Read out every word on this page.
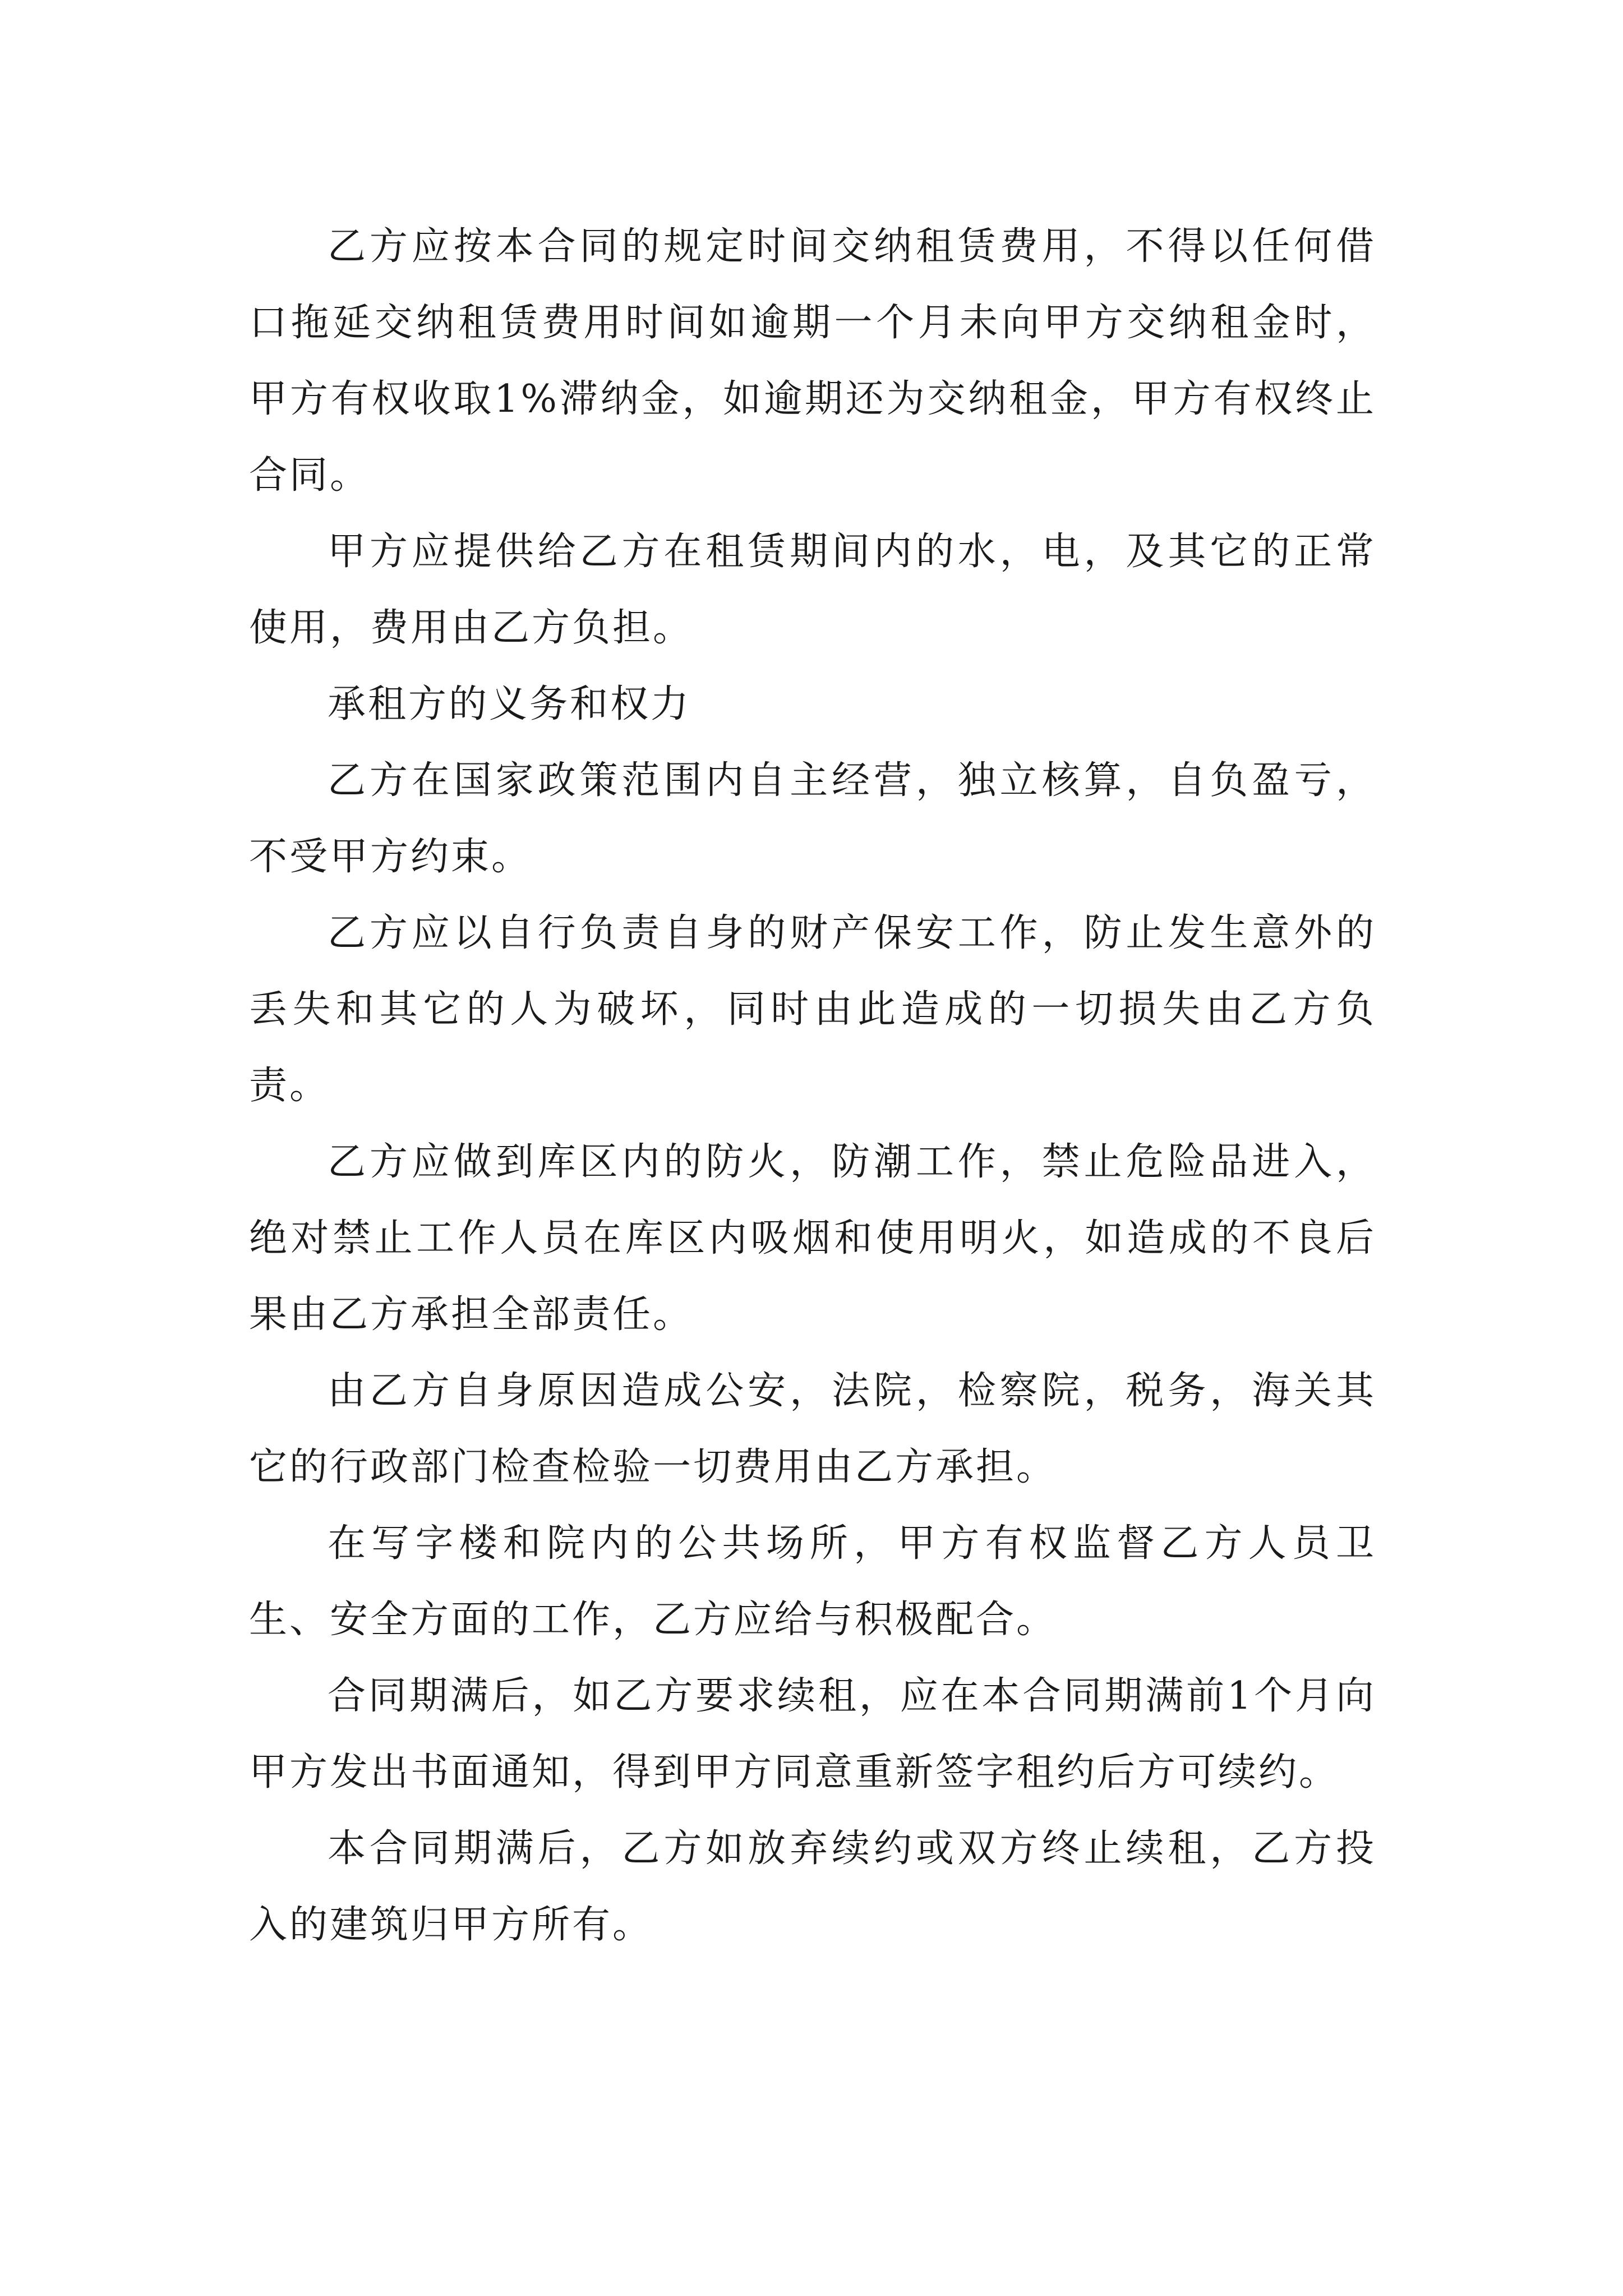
乙方应按本合同的规定时间交纳租赁费用，不得以任何借口拖延交纳租赁费用时间如逾期一个月未向甲方交纳租金时，甲方有权收取1%滞纳金，如逾期还为交纳租金，甲方有权终止合同。

甲方应提供给乙方在租赁期间内的水，电，及其它的正常使用，费用由乙方负担。

承租方的义务和权力

乙方在国家政策范围内自主经营，独立核算，自负盈亏，不受甲方约束。

乙方应以自行负责自身的财产保安工作，防止发生意外的丢失和其它的人为破坏，同时由此造成的一切损失由乙方负责。

乙方应做到库区内的防火，防潮工作，禁止危险品进入，绝对禁止工作人员在库区内吸烟和使用明火，如造成的不良后果由乙方承担全部责任。

由乙方自身原因造成公安，法院，检察院，税务，海关其它的行政部门检查检验一切费用由乙方承担。

在写字楼和院内的公共场所，甲方有权监督乙方人员卫生、安全方面的工作，乙方应给与积极配合。

合同期满后，如乙方要求续租，应在本合同期满前1个月向甲方发出书面通知，得到甲方同意重新签字租约后方可续约。

本合同期满后，乙方如放弃续约或双方终止续租，乙方投入的建筑归甲方所有。
